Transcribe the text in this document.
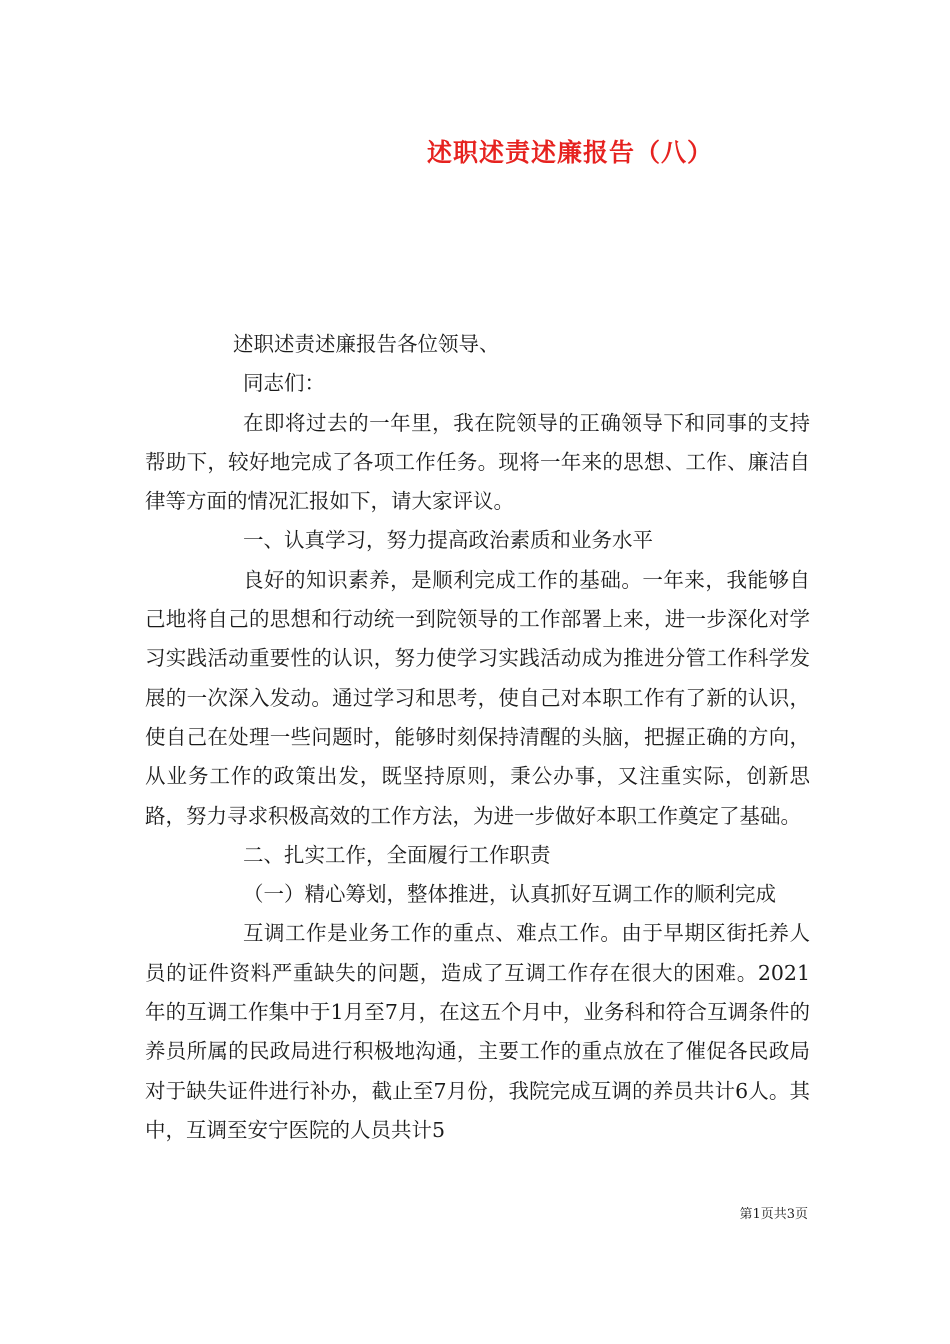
述职述责述廉报告（八）

述职述责述廉报告各位领导、

同志们：

在即将过去的一年里，我在院领导的正确领导下和同事的支持帮助下，较好地完成了各项工作任务。现将一年来的思想、工作、廉洁自律等方面的情况汇报如下，请大家评议。

一、认真学习，努力提高政治素质和业务水平

良好的知识素养，是顺利完成工作的基础。一年来，我能够自己地将自己的思想和行动统一到院领导的工作部署上来，进一步深化对学习实践活动重要性的认识，努力使学习实践活动成为推进分管工作科学发展的一次深入发动。通过学习和思考，使自己对本职工作有了新的认识，使自己在处理一些问题时，能够时刻保持清醒的头脑，把握正确的方向，从业务工作的政策出发，既坚持原则，秉公办事，又注重实际，创新思路，努力寻求积极高效的工作方法，为进一步做好本职工作奠定了基础。

二、扎实工作，全面履行工作职责

（一）精心筹划，整体推进，认真抓好互调工作的顺利完成

互调工作是业务工作的重点、难点工作。由于早期区街托养人员的证件资料严重缺失的问题，造成了互调工作存在很大的困难。2021年的互调工作集中于1月至7月，在这五个月中，业务科和符合互调条件的养员所属的民政局进行积极地沟通，主要工作的重点放在了催促各民政局对于缺失证件进行补办，截止至7月份，我院完成互调的养员共计6人。其中，互调至安宁医院的人员共计5

第1页共3页
